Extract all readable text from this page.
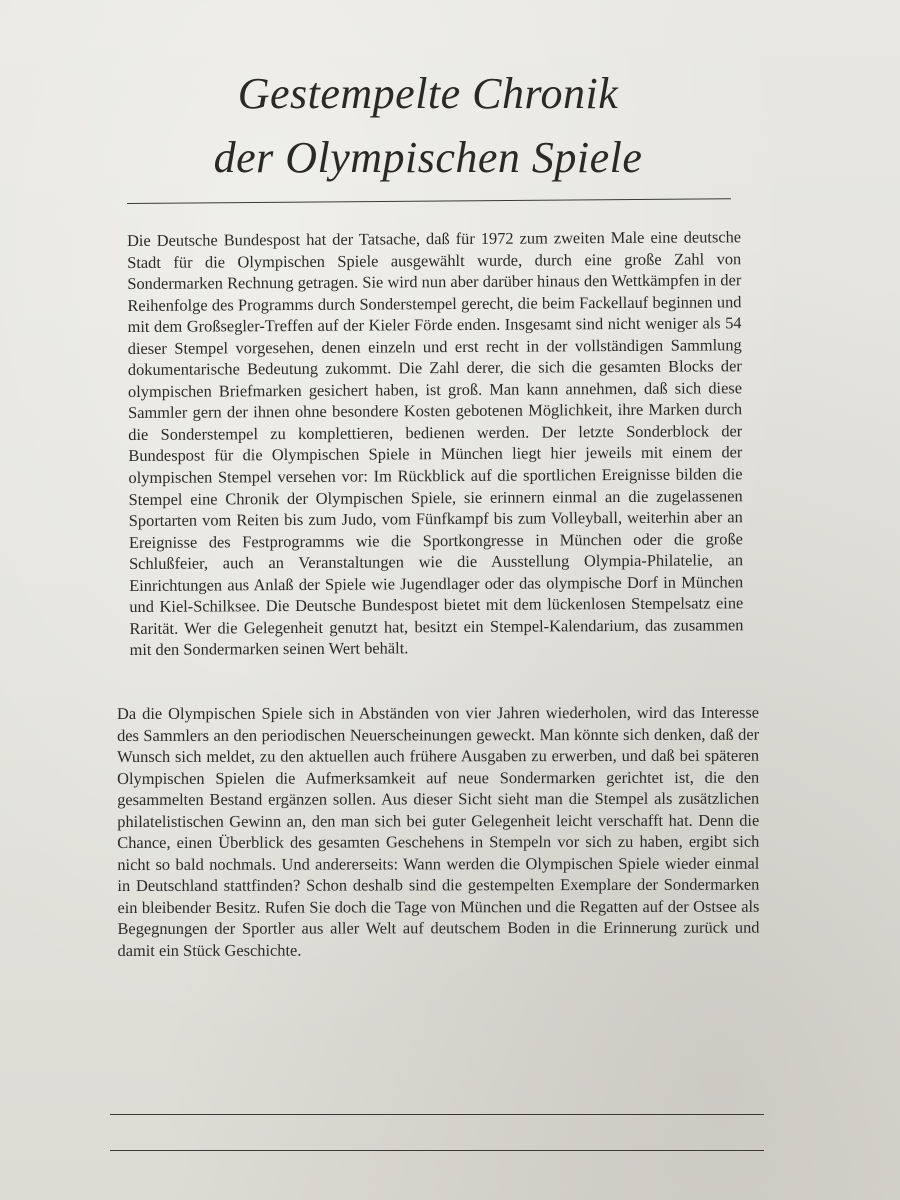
Gestempelte Chronik
der Olympischen Spiele
Die Deutsche Bundespost hat der Tatsache, daß für 1972 zum zweiten Male eine deutsche Stadt für die Olympischen Spiele ausgewählt wurde, durch eine große Zahl von Sondermarken Rechnung getragen. Sie wird nun aber darüber hinaus den Wettkämpfen in der Reihenfolge des Programms durch Sonderstempel gerecht, die beim Fackellauf beginnen und mit dem Großsegler-Treffen auf der Kieler Förde enden. Insgesamt sind nicht weniger als 54 dieser Stempel vorgesehen, denen einzeln und erst recht in der vollständigen Sammlung dokumentarische Bedeutung zukommt. Die Zahl derer, die sich die gesamten Blocks der olympischen Briefmarken gesichert haben, ist groß. Man kann annehmen, daß sich diese Sammler gern der ihnen ohne besondere Kosten gebotenen Möglichkeit, ihre Marken durch die Sonderstempel zu komplettieren, bedienen werden. Der letzte Sonderblock der Bundespost für die Olympischen Spiele in München liegt hier jeweils mit einem der olympischen Stempel versehen vor: Im Rückblick auf die sportlichen Ereignisse bilden die Stempel eine Chronik der Olympischen Spiele, sie erinnern einmal an die zugelassenen Sportarten vom Reiten bis zum Judo, vom Fünfkampf bis zum Volleyball, weiterhin aber an Ereignisse des Festprogramms wie die Sportkongresse in München oder die große Schlußfeier, auch an Veranstaltungen wie die Ausstellung Olympia-Philatelie, an Einrichtungen aus Anlaß der Spiele wie Jugendlager oder das olympische Dorf in München und Kiel-Schilksee. Die Deutsche Bundespost bietet mit dem lückenlosen Stempelsatz eine Rarität. Wer die Gelegenheit genutzt hat, besitzt ein Stempel-Kalendarium, das zusammen mit den Sondermarken seinen Wert behält.
Da die Olympischen Spiele sich in Abständen von vier Jahren wiederholen, wird das Interesse des Sammlers an den periodischen Neuerscheinungen geweckt. Man könnte sich denken, daß der Wunsch sich meldet, zu den aktuellen auch frühere Ausgaben zu erwerben, und daß bei späteren Olympischen Spielen die Aufmerksamkeit auf neue Sondermarken gerichtet ist, die den gesammelten Bestand ergänzen sollen. Aus dieser Sicht sieht man die Stempel als zusätzlichen philatelistischen Gewinn an, den man sich bei guter Gelegenheit leicht verschafft hat. Denn die Chance, einen Überblick des gesamten Geschehens in Stempeln vor sich zu haben, ergibt sich nicht so bald nochmals. Und andererseits: Wann werden die Olympischen Spiele wieder einmal in Deutschland stattfinden? Schon deshalb sind die gestempelten Exemplare der Sondermarken ein bleibender Besitz. Rufen Sie doch die Tage von München und die Regatten auf der Ostsee als Begegnungen der Sportler aus aller Welt auf deutschem Boden in die Erinnerung zurück und damit ein Stück Geschichte.
